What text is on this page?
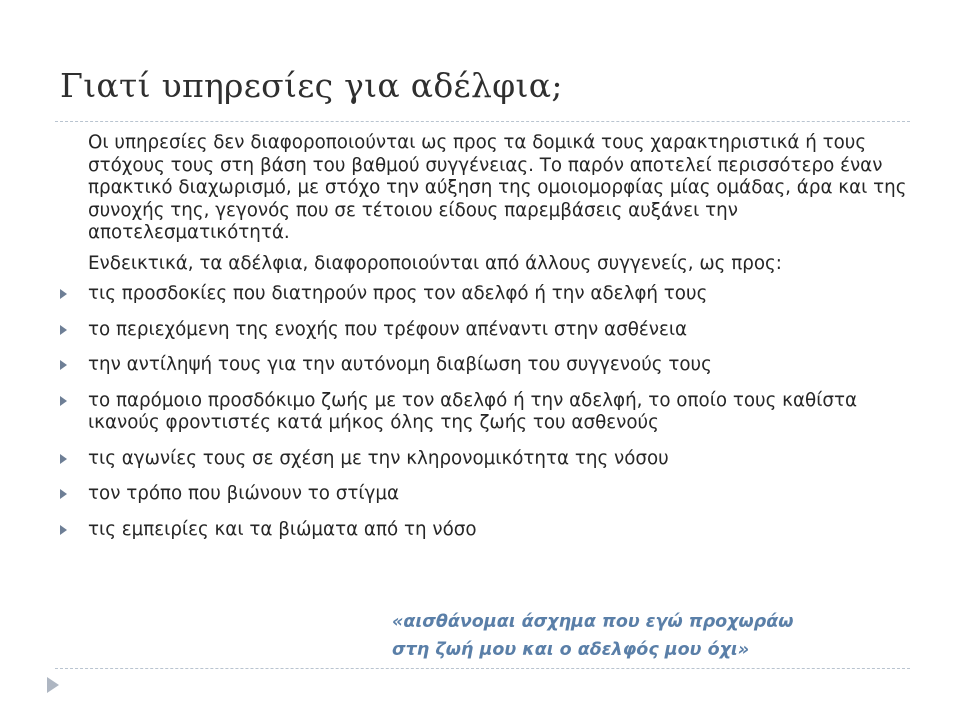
Γιατί υπηρεσίες για αδέλφια;

Οι υπηρεσίες δεν διαφοροποιούνται ως προς τα δομικά τους χαρακτηριστικά ή τους στόχους τους στη βάση του βαθμού συγγένειας. Το παρόν αποτελεί περισσότερο έναν πρακτικό διαχωρισμό, με στόχο την αύξηση της ομοιομορφίας μίας ομάδας, άρα και της συνοχής της, γεγονός που σε τέτοιου είδους παρεμβάσεις αυξάνει την αποτελεσματικότητά.

Ενδεικτικά, τα αδέλφια, διαφοροποιούνται από άλλους συγγενείς, ως προς:

τις προσδοκίες που διατηρούν προς τον αδελφό ή την αδελφή τους
το περιεχόμενη της ενοχής που τρέφουν απέναντι στην ασθένεια
την αντίληψή τους για την αυτόνομη διαβίωση του συγγενούς τους
το παρόμοιο προσδόκιμο ζωής με τον αδελφό ή την αδελφή, το οποίο τους καθίστα ικανούς φροντιστές κατά μήκος όλης της ζωής του ασθενούς
τις αγωνίες τους σε σχέση με την κληρονομικότητα της νόσου
τον τρόπο που βιώνουν το στίγμα
τις εμπειρίες και τα βιώματα από τη νόσο
«αισθάνομαι άσχημα που εγώ προχωράω
στη ζωή μου και ο αδελφός μου όχι»
